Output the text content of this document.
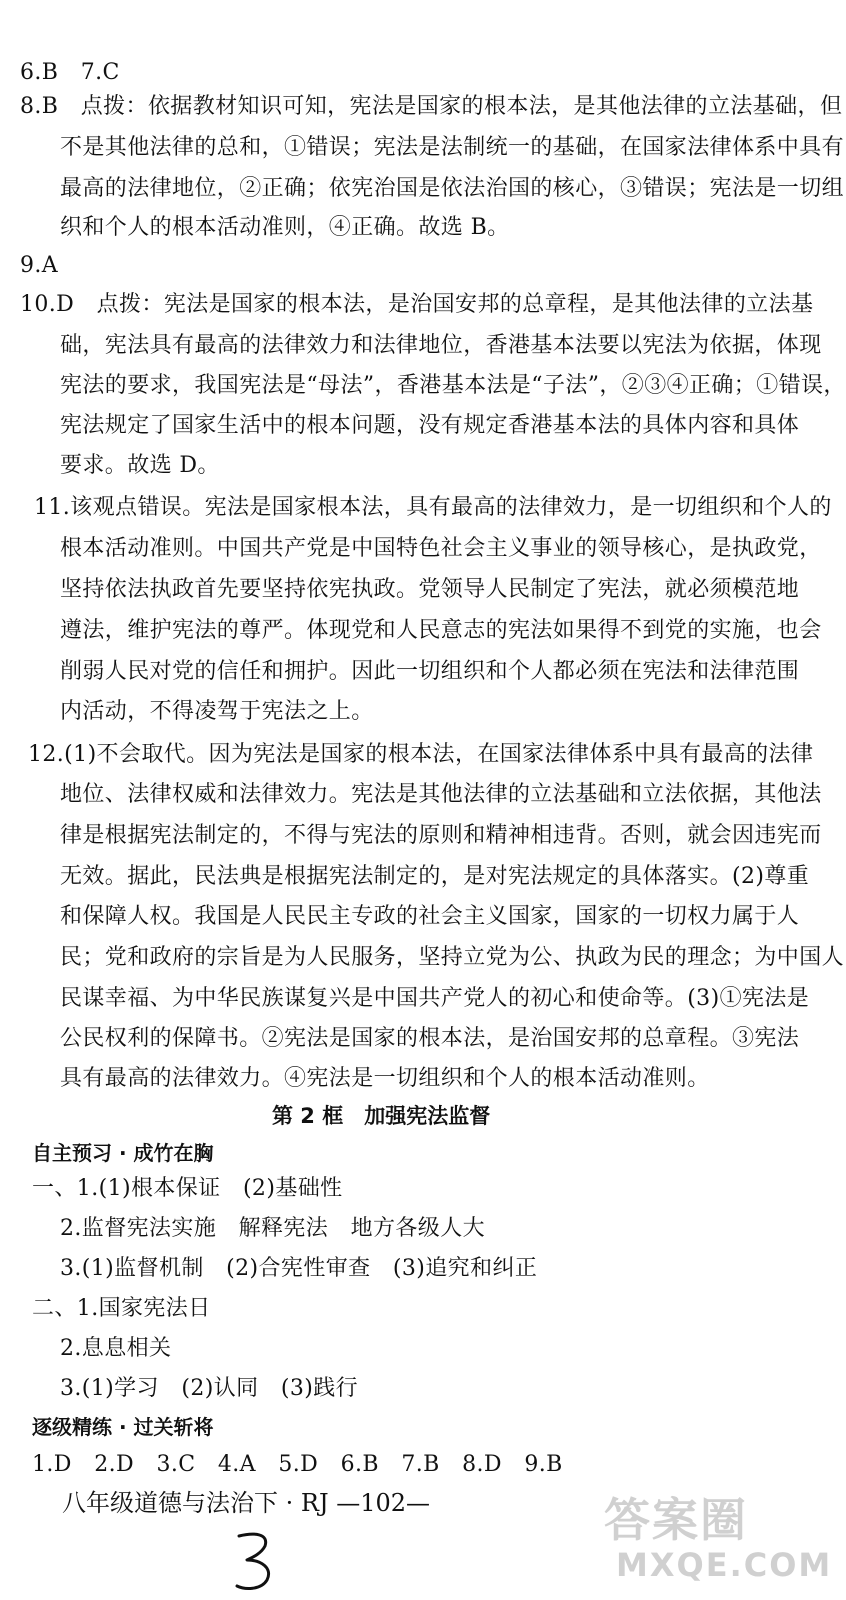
6.B　7.C
8.B　点拨：依据教材知识可知，宪法是国家的根本法，是其他法律的立法基础，但
不是其他法律的总和，①错误；宪法是法制统一的基础，在国家法律体系中具有
最高的法律地位，②正确；依宪治国是依法治国的核心，③错误；宪法是一切组
织和个人的根本活动准则，④正确。故选 B。
9.A
10.D　点拨：宪法是国家的根本法，是治国安邦的总章程，是其他法律的立法基
础，宪法具有最高的法律效力和法律地位，香港基本法要以宪法为依据，体现
宪法的要求，我国宪法是“母法”，香港基本法是“子法”，②③④正确；①错误，
宪法规定了国家生活中的根本问题，没有规定香港基本法的具体内容和具体
要求。故选 D。
11.该观点错误。宪法是国家根本法，具有最高的法律效力，是一切组织和个人的
根本活动准则。中国共产党是中国特色社会主义事业的领导核心，是执政党，
坚持依法执政首先要坚持依宪执政。党领导人民制定了宪法，就必须模范地
遵法，维护宪法的尊严。体现党和人民意志的宪法如果得不到党的实施，也会
削弱人民对党的信任和拥护。因此一切组织和个人都必须在宪法和法律范围
内活动，不得凌驾于宪法之上。
12.(1)不会取代。因为宪法是国家的根本法，在国家法律体系中具有最高的法律
地位、法律权威和法律效力。宪法是其他法律的立法基础和立法依据，其他法
律是根据宪法制定的，不得与宪法的原则和精神相违背。否则，就会因违宪而
无效。据此，民法典是根据宪法制定的，是对宪法规定的具体落实。(2)尊重
和保障人权。我国是人民民主专政的社会主义国家，国家的一切权力属于人
民；党和政府的宗旨是为人民服务，坚持立党为公、执政为民的理念；为中国人
民谋幸福、为中华民族谋复兴是中国共产党人的初心和使命等。(3)①宪法是
公民权利的保障书。②宪法是国家的根本法，是治国安邦的总章程。③宪法
具有最高的法律效力。④宪法是一切组织和个人的根本活动准则。
第 2 框　加强宪法监督
自主预习 · 成竹在胸
一、1.(1)根本保证　(2)基础性
2.监督宪法实施　解释宪法　地方各级人大
3.(1)监督机制　(2)合宪性审查　(3)追究和纠正
二、1.国家宪法日
2.息息相关
3.(1)学习　(2)认同　(3)践行
逐级精练 · 过关斩将
1.D　2.D　3.C　4.A　5.D　6.B　7.B　8.D　9.B
八年级道德与法治下 · RJ —102—	答案圈
MXQE.COM
